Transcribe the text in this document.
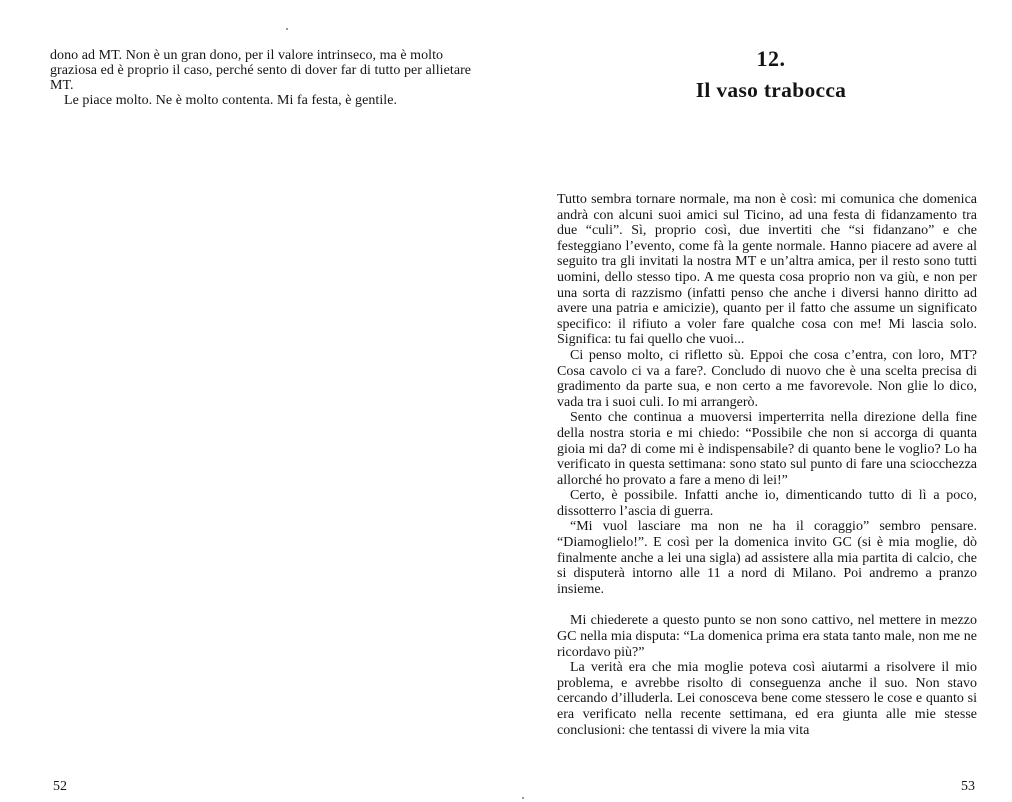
dono ad MT. Non è un gran dono, per il valore intrinseco, ma è molto graziosa ed è proprio il caso, perché sento di dover far di tutto per allietare MT.

Le piace molto. Ne è molto contenta. Mi fa festa, è gentile.

52
12.
Il vaso trabocca

Tutto sembra tornare normale, ma non è così: mi comunica che domenica andrà con alcuni suoi amici sul Ticino, ad una festa di fidanzamento tra due “culi”. Sì, proprio così, due invertiti che “si fidanzano” e che festeggiano l’evento, come fà la gente normale. Hanno piacere ad avere al seguito tra gli invitati la nostra MT e un’altra amica, per il resto sono tutti uomini, dello stesso tipo. A me questa cosa proprio non va giù, e non per una sorta di razzismo (infatti penso che anche i diversi hanno diritto ad avere una patria e amicizie), quanto per il fatto che assume un significato specifico: il rifiuto a voler fare qualche cosa con me! Mi lascia solo. Significa: tu fai quello che vuoi...

Ci penso molto, ci rifletto sù. Eppoi che cosa c’entra, con loro, MT? Cosa cavolo ci va a fare?. Concludo di nuovo che è una scelta precisa di gradimento da parte sua, e non certo a me favorevole. Non glie lo dico, vada tra i suoi culi. Io mi arrangerò.

Sento che continua a muoversi imperterrita nella direzione della fine della nostra storia e mi chiedo: “Possibile che non si accorga di quanta gioia mi da? di come mi è indispensabile? di quanto bene le voglio? Lo ha verificato in questa settimana: sono stato sul punto di fare una sciocchezza allorché ho provato a fare a meno di lei!”

Certo, è possibile. Infatti anche io, dimenticando tutto di lì a poco, dissotterro l’ascia di guerra.

“Mi vuol lasciare ma non ne ha il coraggio” sembro pensare. “Diamoglielo!”. E così per la domenica invito GC (si è mia moglie, dò finalmente anche a lei una sigla) ad assistere alla mia partita di calcio, che si disputerà intorno alle 11 a nord di Milano. Poi andremo a pranzo insieme.

Mi chiederete a questo punto se non sono cattivo, nel mettere in mezzo GC nella mia disputa: “La domenica prima era stata tanto male, non me ne ricordavo più?”

La verità era che mia moglie poteva così aiutarmi a risolvere il mio problema, e avrebbe risolto di conseguenza anche il suo. Non stavo cercando d’illuderla. Lei conosceva bene come stessero le cose e quanto si era verificato nella recente settimana, ed era giunta alle mie stesse conclusioni: che tentassi di vivere la mia vita

53
